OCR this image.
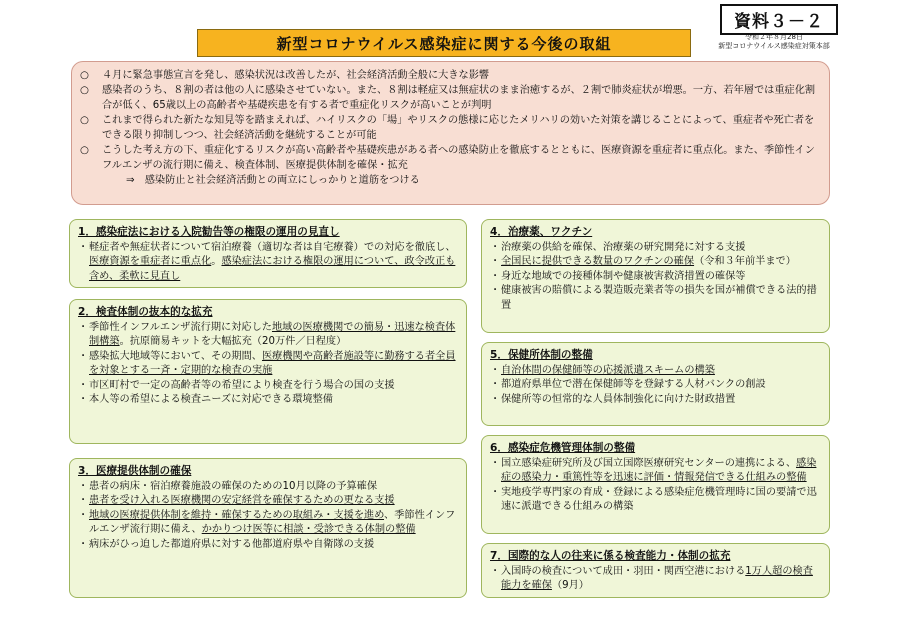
資料３－２
新型コロナウイルス感染症に関する今後の取組	令和２年８月28日
新型コロナウイルス感染症対策本部
○	４月に緊急事態宣言を発し、感染状況は改善したが、社会経済活動全般に大きな影響
○	感染者のうち、８割の者は他の人に感染させていない。また、８割は軽症又は無症状のまま治癒するが、２割で肺炎症状が増悪。一方、若年層では重症化割合が低く、65歳以上の高齢者や基礎疾患を有する者で重症化リスクが高いことが判明
○	これまで得られた新たな知見等を踏まえれば、ハイリスクの「場」やリスクの態様に応じたメリハリの効いた対策を講じることによって、重症者や死亡者をできる限り抑制しつつ、社会経済活動を継続することが可能
○	こうした考え方の下、重症化するリスクが高い高齢者や基礎疾患がある者への感染防止を徹底するとともに、医療資源を重症者に重点化。また、季節性インフルエンザの流行期に備え、検査体制、医療提供体制を確保・拡充
⇒　感染防止と社会経済活動との両立にしっかりと道筋をつける
1．感染症法における入院勧告等の権限の運用の見直し
・ 軽症者や無症状者について宿泊療養（適切な者は自宅療養）での対応を徹底し、医療資源を重症者に重点化。感染症法における権限の運用について、政令改正も含め、柔軟に見直し
2．検査体制の抜本的な拡充
・ 季節性インフルエンザ流行期に対応した地域の医療機関での簡易・迅速な検査体制構築。抗原簡易キットを大幅拡充（20万件／日程度）
・ 感染拡大地域等において、その期間、医療機関や高齢者施設等に勤務する者全員を対象とする一斉・定期的な検査の実施
・ 市区町村で一定の高齢者等の希望により検査を行う場合の国の支援
・ 本人等の希望による検査ニーズに対応できる環境整備
3．医療提供体制の確保
・ 患者の病床・宿泊療養施設の確保のための10月以降の予算確保
・ 患者を受け入れる医療機関の安定経営を確保するための更なる支援
・ 地域の医療提供体制を維持・確保するための取組み・支援を進め、季節性インフルエンザ流行期に備え、かかりつけ医等に相談・受診できる体制の整備
・ 病床がひっ迫した都道府県に対する他都道府県や自衛隊の支援
4．治療薬、ワクチン
・ 治療薬の供給を確保、治療薬の研究開発に対する支援
・ 全国民に提供できる数量のワクチンの確保（令和３年前半まで）
・ 身近な地域での接種体制や健康被害救済措置の確保等
・ 健康被害の賠償による製造販売業者等の損失を国が補償できる法的措置
5．保健所体制の整備
・ 自治体間の保健師等の応援派遣スキームの構築
・ 都道府県単位で潜在保健師等を登録する人材バンクの創設
・ 保健所等の恒常的な人員体制強化に向けた財政措置
6．感染症危機管理体制の整備
・ 国立感染症研究所及び国立国際医療研究センターの連携による、感染症の感染力・重篤性等を迅速に評価・情報発信できる仕組みの整備
・ 実地疫学専門家の育成・登録による感染症危機管理時に国の要請で迅速に派遣できる仕組みの構築
7．国際的な人の往来に係る検査能力・体制の拡充
・ 入国時の検査について成田・羽田・関西空港における1万人超の検査能力を確保（9月）
